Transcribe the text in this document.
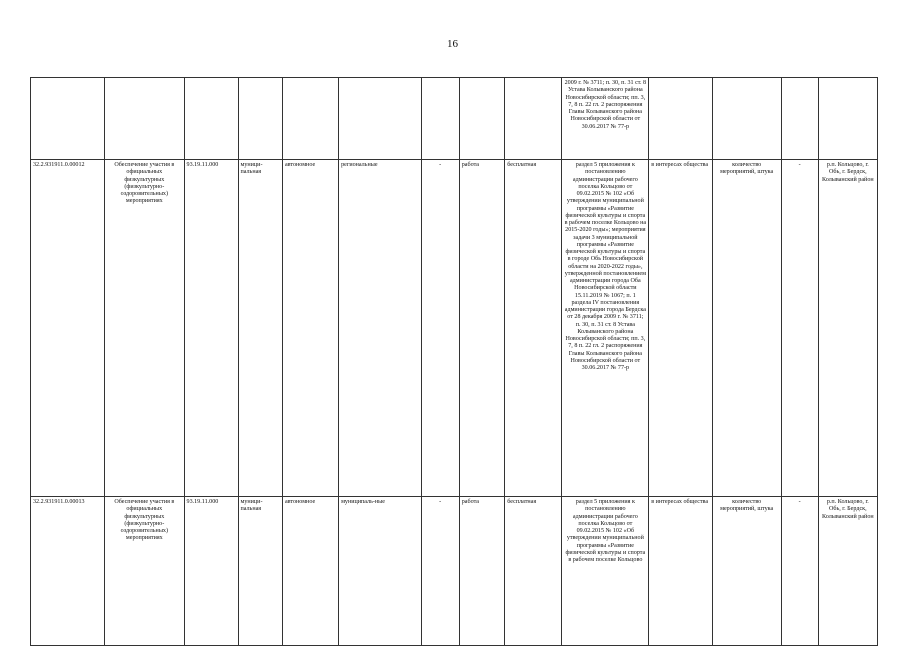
16

									2009 г. № 3711; п. 30, п. 31 ст. 8 Устава Колыванского района Новосибирской области; пп. 3, 7, 8 п. 22 гл. 2 распоряжения Главы Колыванского района Новосибирской области от 30.06.2017 № 77-р				

32.2.931911.0.00012	Обеспечение участия в официальных физкультурных (физкультурно-оздоровительных) мероприятиях	93.19.11.000	муници-пальная	автономное	региональные	-	работа	бесплатная	раздел 5 приложения к постановлению администрации рабочего поселка Кольцово от 09.02.2015 № 102 «Об утверждении муниципальной программы «Развитие физической культуры и спорта в рабочем поселке Кольцово на 2015-2020 годы»; мероприятия задачи 3 муниципальной программы «Развитие физической культуры и спорта в городе Обь Новосибирской области на 2020-2022 годы», утвержденной постановлением администрации города Оба Новосибирской области 15.11.2019 № 1067; п. 1 раздела IV постановления администрации города Бердска от 28 декабря 2009 г. № 3711; п. 30, п. 31 ст. 8 Устава Колыванского района Новосибирской области; пп. 3, 7, 8 п. 22 гл. 2 распоряжения Главы Колыванского района Новосибирской области от 30.06.2017 № 77-р	в интересах общества	количество мероприятий, штука	-	р.п. Кольцово, г. Обь, г. Бердск, Колыванский район
32.2.931911.0.00013	Обеспечение участия в официальных физкультурных (физкультурно-оздоровительных) мероприятиях	93.19.11.000	муници-пальная	автономное	муниципаль-ные	-	работа	бесплатная	раздел 5 приложения к постановлению администрации рабочего поселка Кольцово от 09.02.2015 № 102 «Об утверждении муниципальной программы «Развитие физической культуры и спорта в рабочем поселке Кольцово	в интересах общества	количество мероприятий, штука	-	р.п. Кольцово, г. Обь, г. Бердск, Колыванский район
